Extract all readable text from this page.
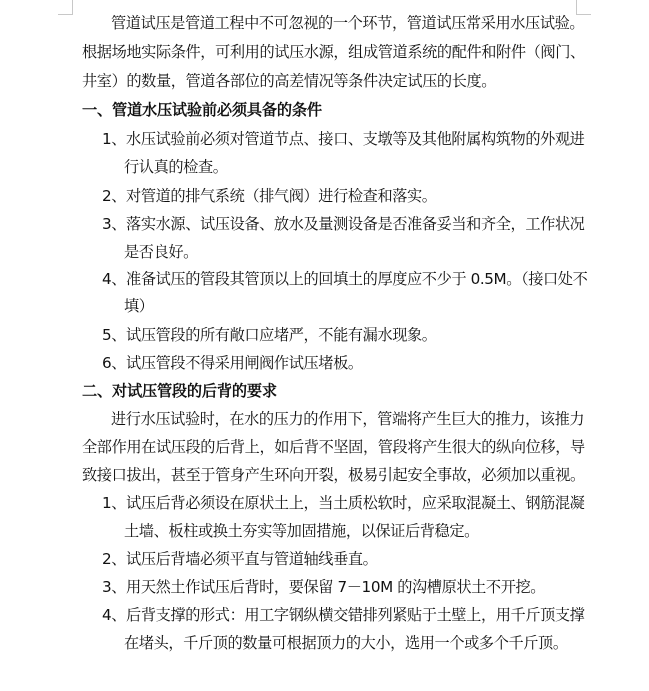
管道试压是管道工程中不可忽视的一个环节，管道试压常采用水压试验。
根据场地实际条件，可利用的试压水源，组成管道系统的配件和附件（阀门、
井室）的数量，管道各部位的高差情况等条件决定试压的长度。
一、管道水压试验前必须具备的条件
1、水压试验前必须对管道节点、接口、支墩等及其他附属构筑物的外观进
行认真的检查。
2、对管道的排气系统（排气阀）进行检查和落实。
3、落实水源、试压设备、放水及量测设备是否准备妥当和齐全，工作状况
是否良好。
4、准备试压的管段其管顶以上的回填土的厚度应不少于 0.5M。（接口处不
填）
5、试压管段的所有敞口应堵严，不能有漏水现象。
6、试压管段不得采用闸阀作试压堵板。
二、对试压管段的后背的要求
进行水压试验时，在水的压力的作用下，管端将产生巨大的推力，该推力
全部作用在试压段的后背上，如后背不坚固，管段将产生很大的纵向位移，导
致接口拔出，甚至于管身产生环向开裂，极易引起安全事故，必须加以重视。
1、试压后背必须设在原状土上，当土质松软时，应采取混凝土、钢筋混凝
土墙、板柱或换土夯实等加固措施，以保证后背稳定。
2、试压后背墙必须平直与管道轴线垂直。
3、用天然土作试压后背时，要保留 7－10M 的沟槽原状土不开挖。
4、后背支撑的形式：用工字钢纵横交错排列紧贴于土壁上，用千斤顶支撑
在堵头，千斤顶的数量可根据顶力的大小，选用一个或多个千斤顶。
